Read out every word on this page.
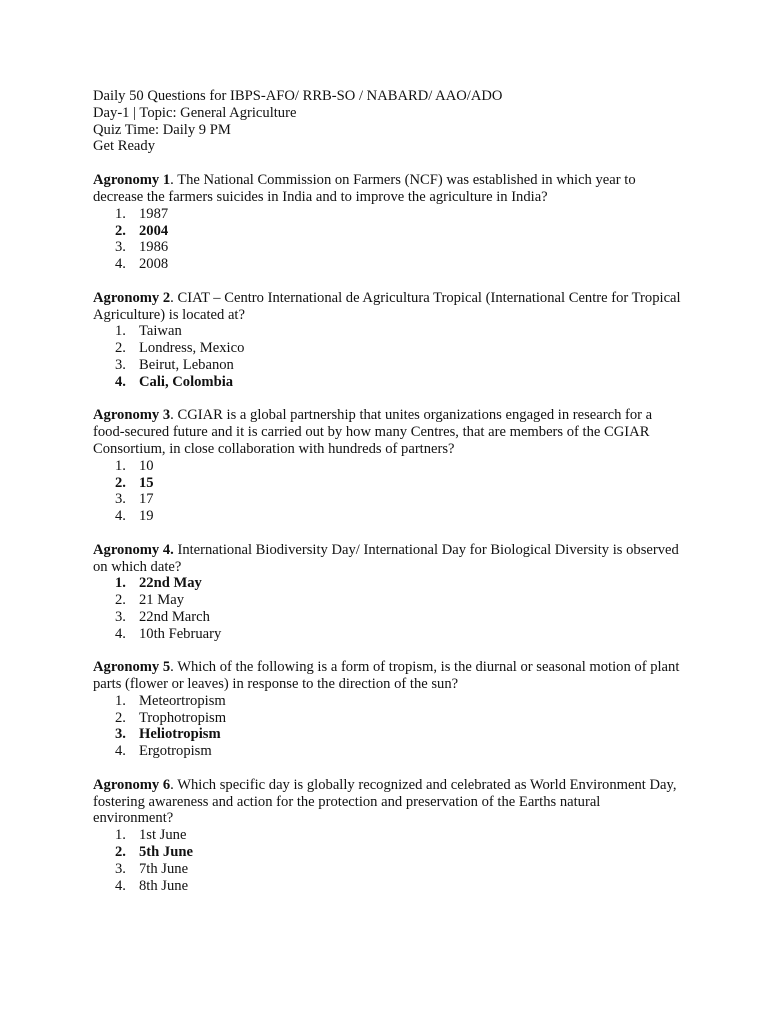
Daily 50 Questions for IBPS-AFO/ RRB-SO / NABARD/ AAO/ADO

Day-1 | Topic: General Agriculture

Quiz Time: Daily 9 PM

Get Ready

Agronomy 1. The National Commission on Farmers (NCF) was established in which year to decrease the farmers suicides in India and to improve the agriculture in India?

1. 1987
2. 2004
3. 1986
4. 2008

Agronomy 2. CIAT – Centro International de Agricultura Tropical (International Centre for Tropical Agriculture) is located at?

1. Taiwan
2. Londress, Mexico
3. Beirut, Lebanon
4. Cali, Colombia

Agronomy 3. CGIAR is a global partnership that unites organizations engaged in research for a food-secured future and it is carried out by how many Centres, that are members of the CGIAR Consortium, in close collaboration with hundreds of partners?

1. 10
2. 15
3. 17
4. 19

Agronomy 4. International Biodiversity Day/ International Day for Biological Diversity is observed on which date?

1. 22nd May
2. 21 May
3. 22nd March
4. 10th February

Agronomy 5. Which of the following is a form of tropism, is the diurnal or seasonal motion of plant parts (flower or leaves) in response to the direction of the sun?

1. Meteortropism
2. Trophotropism
3. Heliotropism
4. Ergotropism

Agronomy 6. Which specific day is globally recognized and celebrated as World Environment Day, fostering awareness and action for the protection and preservation of the Earths natural environment?

1. 1st June
2. 5th June
3. 7th June
4. 8th June
